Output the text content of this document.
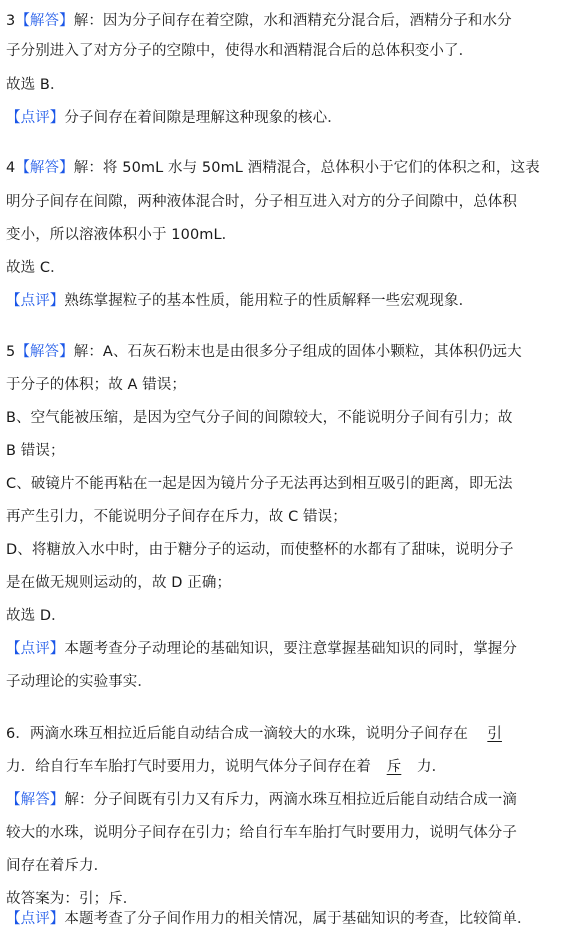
3【解答】解：因为分子间存在着空隙，水和酒精充分混合后，酒精分子和水分
子分别进入了对方分子的空隙中，使得水和酒精混合后的总体积变小了．
故选 B．
【点评】分子间存在着间隙是理解这种现象的核心．
4【解答】解：将 50mL 水与 50mL 酒精混合，总体积小于它们的体积之和，这表
明分子间存在间隙，两种液体混合时，分子相互进入对方的分子间隙中，总体积
变小，所以溶液体积小于 100mL．
故选 C．
【点评】熟练掌握粒子的基本性质，能用粒子的性质解释一些宏观现象．
5【解答】解：A、石灰石粉末也是由很多分子组成的固体小颗粒，其体积仍远大
于分子的体积；故 A 错误；
B、空气能被压缩，是因为空气分子间的间隙较大，不能说明分子间有引力；故
B 错误；
C、破镜片不能再粘在一起是因为镜片分子无法再达到相互吸引的距离，即无法
再产生引力，不能说明分子间存在斥力，故 C 错误；
D、将糖放入水中时，由于糖分子的运动，而使整杯的水都有了甜味，说明分子
是在做无规则运动的，故 D 正确；
故选 D．
【点评】本题考查分子动理论的基础知识，要注意掌握基础知识的同时，掌握分
子动理论的实验事实．
6．两滴水珠互相拉近后能自动结合成一滴较大的水珠，说明分子间存在 引
力．给自行车车胎打气时要用力，说明气体分子间存在着 斥 力．
【解答】解：分子间既有引力又有斥力，两滴水珠互相拉近后能自动结合成一滴
较大的水珠，说明分子间存在引力；给自行车车胎打气时要用力，说明气体分子
间存在着斥力．
故答案为：引；斥．
【点评】本题考查了分子间作用力的相关情况，属于基础知识的考查，比较简单．
